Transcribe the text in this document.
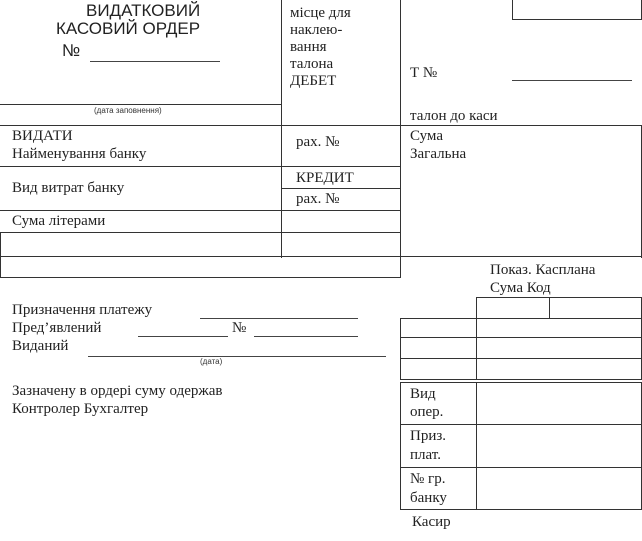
ВИДАТКОВИЙ
КАСОВИЙ ОРДЕР
№
місце для
наклею-
вання
талона
ДЕБЕТ	Т №
(дата заповнення)	талон до каси
ВИДАТИ
Найменування банку
рах. №	Сума
Загальна
КРЕДИТ
Вид витрат банку
рах. №
Сума літерами
Показ. Касплана
Сума Код
Призначення платежу
Пред’явлений	№
Виданий
(дата)
Зазначену в ордері суму одержав
Контролер Бухгалтер
Вид
опер.
Приз.
плат.
№ гр.
банку
Касир
